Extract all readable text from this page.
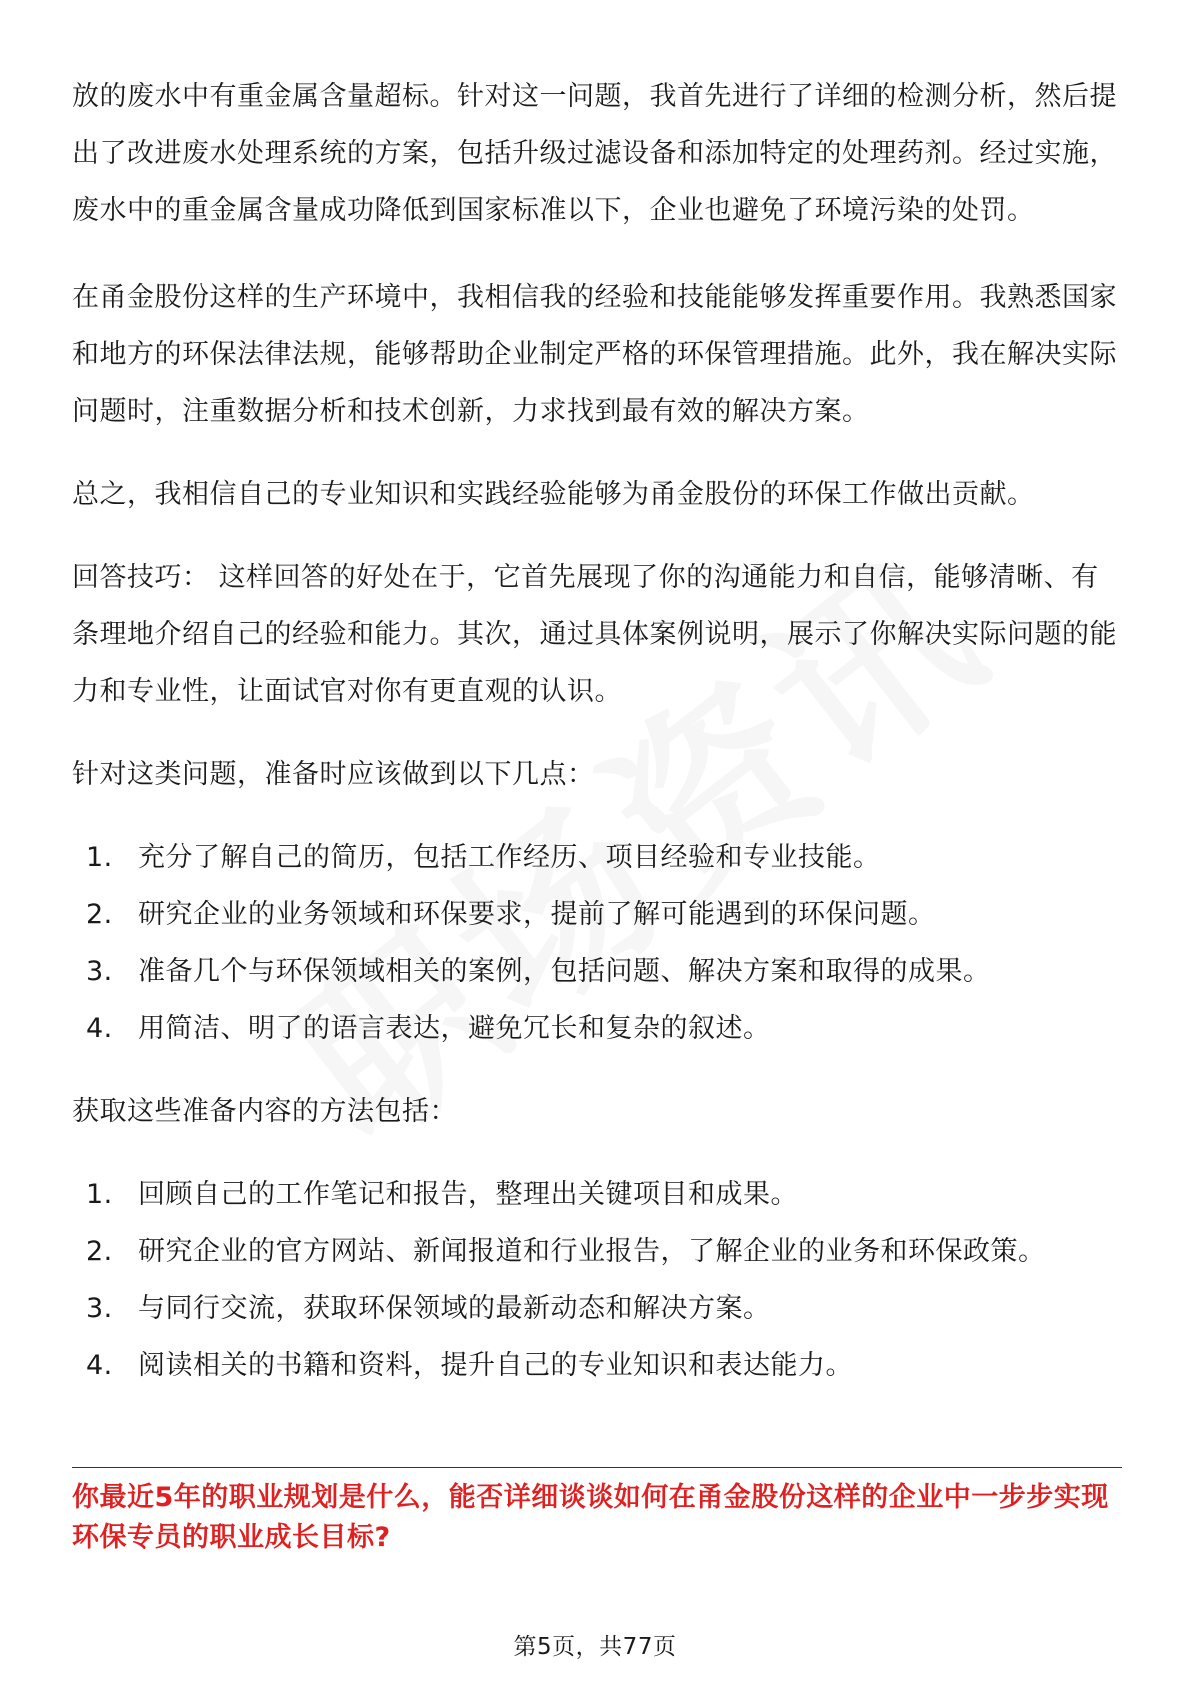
放的废水中有重金属含量超标。针对这一问题，我首先进行了详细的检测分析，然后提出了改进废水处理系统的方案，包括升级过滤设备和添加特定的处理药剂。经过实施，废水中的重金属含量成功降低到国家标准以下，企业也避免了环境污染的处罚。

在甬金股份这样的生产环境中，我相信我的经验和技能能够发挥重要作用。我熟悉国家和地方的环保法律法规，能够帮助企业制定严格的环保管理措施。此外，我在解决实际问题时，注重数据分析和技术创新，力求找到最有效的解决方案。

总之，我相信自己的专业知识和实践经验能够为甬金股份的环保工作做出贡献。

回答技巧： 这样回答的好处在于，它首先展现了你的沟通能力和自信，能够清晰、有条理地介绍自己的经验和能力。其次，通过具体案例说明，展示了你解决实际问题的能力和专业性，让面试官对你有更直观的认识。

针对这类问题，准备时应该做到以下几点：

1. 充分了解自己的简历，包括工作经历、项目经验和专业技能。
2. 研究企业的业务领域和环保要求，提前了解可能遇到的环保问题。
3. 准备几个与环保领域相关的案例，包括问题、解决方案和取得的成果。
4. 用简洁、明了的语言表达，避免冗长和复杂的叙述。

获取这些准备内容的方法包括：

1. 回顾自己的工作笔记和报告，整理出关键项目和成果。
2. 研究企业的官方网站、新闻报道和行业报告，了解企业的业务和环保政策。
3. 与同行交流，获取环保领域的最新动态和解决方案。
4. 阅读相关的书籍和资料，提升自己的专业知识和表达能力。

你最近5年的职业规划是什么，能否详细谈谈如何在甬金股份这样的企业中一步步实现环保专员的职业成长目标?

第5页，共77页
